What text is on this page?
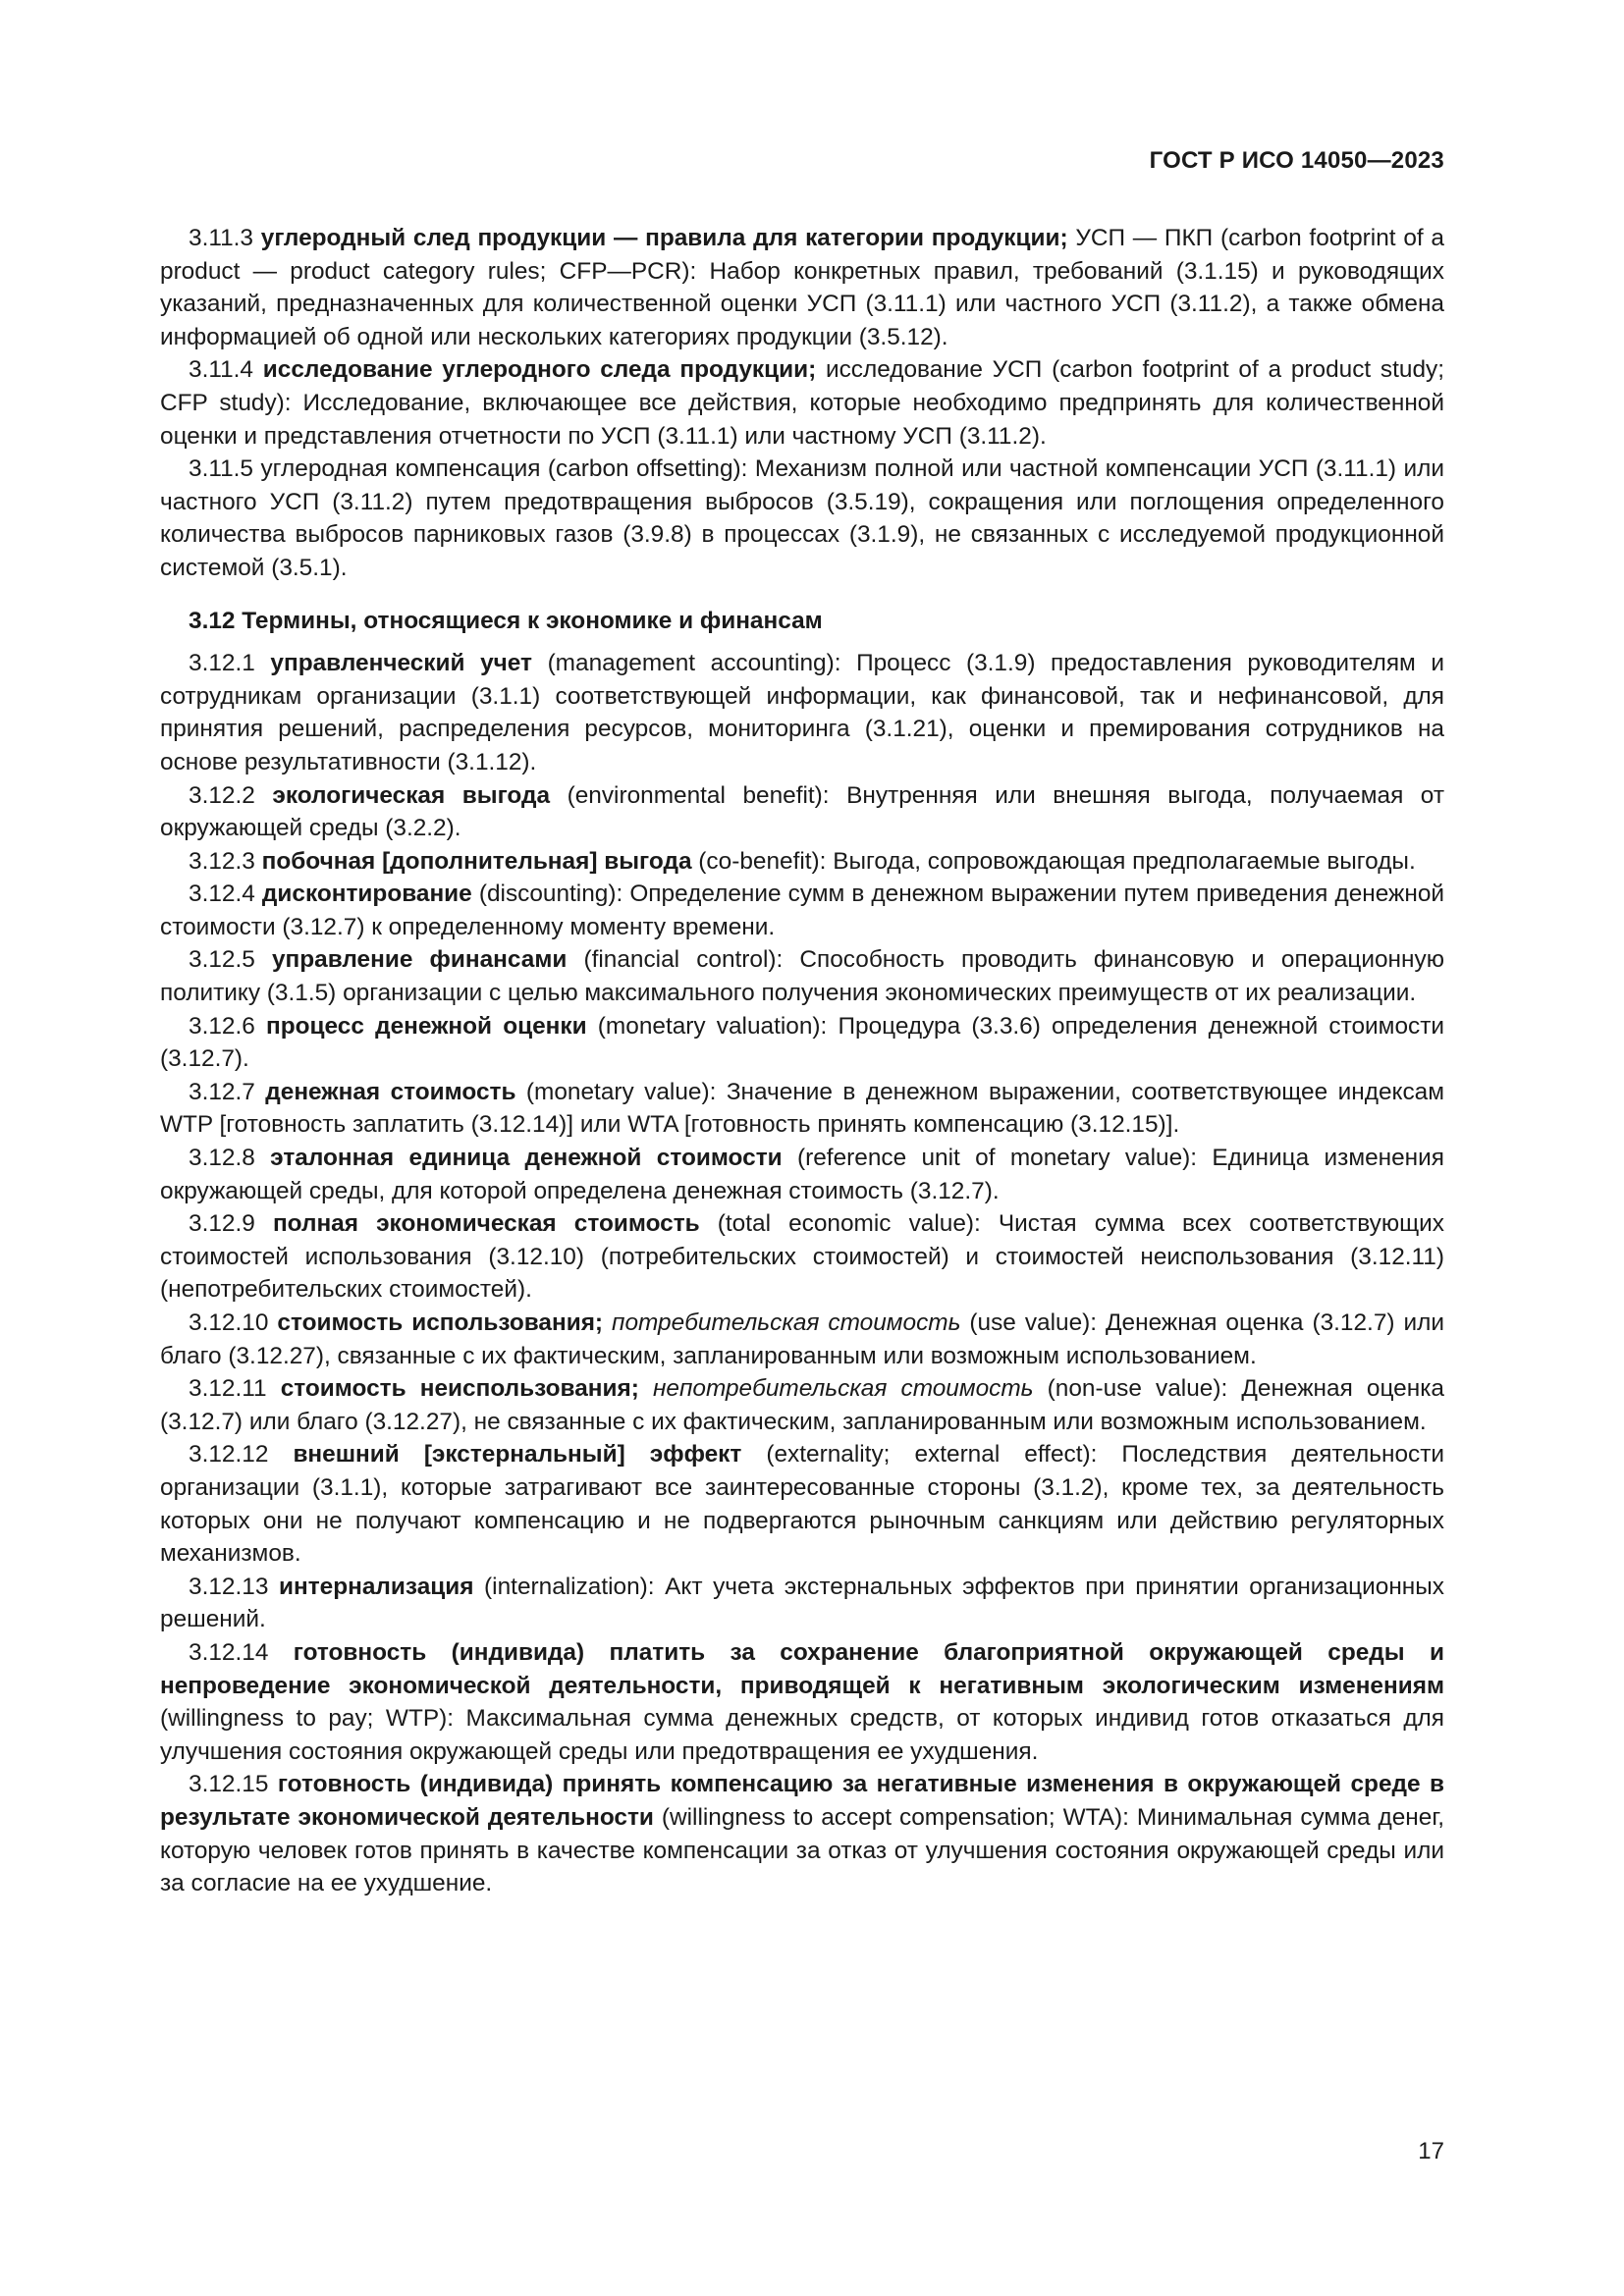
ГОСТ Р ИСО 14050—2023

3.11.3 углеродный след продукции — правила для категории продукции; УСП — ПКП (carbon footprint of a product — product category rules; CFP—PCR): Набор конкретных правил, требований (3.1.15) и руководящих указаний, предназначенных для количественной оценки УСП (3.11.1) или частного УСП (3.11.2), а также обмена информацией об одной или нескольких категориях продукции (3.5.12).

3.11.4 исследование углеродного следа продукции; исследование УСП (carbon footprint of a product study; CFP study): Исследование, включающее все действия, которые необходимо предпринять для количественной оценки и представления отчетности по УСП (3.11.1) или частному УСП (3.11.2).

3.11.5 углеродная компенсация (carbon offsetting): Механизм полной или частной компенсации УСП (3.11.1) или частного УСП (3.11.2) путем предотвращения выбросов (3.5.19), сокращения или поглощения определенного количества выбросов парниковых газов (3.9.8) в процессах (3.1.9), не связанных с исследуемой продукционной системой (3.5.1).

3.12 Термины, относящиеся к экономике и финансам

3.12.1 управленческий учет (management accounting): Процесс (3.1.9) предоставления руководителям и сотрудникам организации (3.1.1) соответствующей информации, как финансовой, так и нефинансовой, для принятия решений, распределения ресурсов, мониторинга (3.1.21), оценки и премирования сотрудников на основе результативности (3.1.12).

3.12.2 экологическая выгода (environmental benefit): Внутренняя или внешняя выгода, получаемая от окружающей среды (3.2.2).

3.12.3 побочная [дополнительная] выгода (co-benefit): Выгода, сопровождающая предполагаемые выгоды.

3.12.4 дисконтирование (discounting): Определение сумм в денежном выражении путем приведения денежной стоимости (3.12.7) к определенному моменту времени.

3.12.5 управление финансами (financial control): Способность проводить финансовую и операционную политику (3.1.5) организации с целью максимального получения экономических преимуществ от их реализации.

3.12.6 процесс денежной оценки (monetary valuation): Процедура (3.3.6) определения денежной стоимости (3.12.7).

3.12.7 денежная стоимость (monetary value): Значение в денежном выражении, соответствующее индексам WTP [готовность заплатить (3.12.14)] или WTA [готовность принять компенсацию (3.12.15)].

3.12.8 эталонная единица денежной стоимости (reference unit of monetary value): Единица изменения окружающей среды, для которой определена денежная стоимость (3.12.7).

3.12.9 полная экономическая стоимость (total economic value): Чистая сумма всех соответствующих стоимостей использования (3.12.10) (потребительских стоимостей) и стоимостей неиспользования (3.12.11) (непотребительских стоимостей).

3.12.10 стоимость использования; потребительская стоимость (use value): Денежная оценка (3.12.7) или благо (3.12.27), связанные с их фактическим, запланированным или возможным использованием.

3.12.11 стоимость неиспользования; непотребительская стоимость (non-use value): Денежная оценка (3.12.7) или благо (3.12.27), не связанные с их фактическим, запланированным или возможным использованием.

3.12.12 внешний [экстернальный] эффект (externality; external effect): Последствия деятельности организации (3.1.1), которые затрагивают все заинтересованные стороны (3.1.2), кроме тех, за деятельность которых они не получают компенсацию и не подвергаются рыночным санкциям или действию регуляторных механизмов.

3.12.13 интернализация (internalization): Акт учета экстернальных эффектов при принятии организационных решений.

3.12.14 готовность (индивида) платить за сохранение благоприятной окружающей среды и непроведение экономической деятельности, приводящей к негативным экологическим изменениям (willingness to pay; WTP): Максимальная сумма денежных средств, от которых индивид готов отказаться для улучшения состояния окружающей среды или предотвращения ее ухудшения.

3.12.15 готовность (индивида) принять компенсацию за негативные изменения в окружающей среде в результате экономической деятельности (willingness to accept compensation; WTA): Минимальная сумма денег, которую человек готов принять в качестве компенсации за отказ от улучшения состояния окружающей среды или за согласие на ее ухудшение.

17
